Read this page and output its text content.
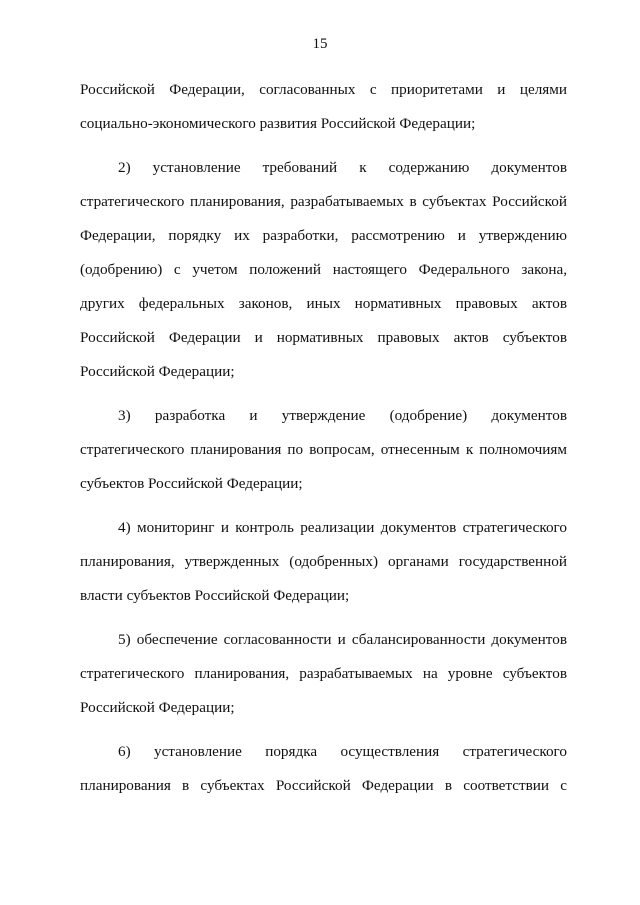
15

Российской Федерации, согласованных с приоритетами и целями социально-экономического развития Российской Федерации;

2) установление требований к содержанию документов стратегического планирования, разрабатываемых в субъектах Российской Федерации, порядку их разработки, рассмотрению и утверждению (одобрению) с учетом положений настоящего Федерального закона, других федеральных законов, иных нормативных правовых актов Российской Федерации и нормативных правовых актов субъектов Российской Федерации;

3) разработка и утверждение (одобрение) документов стратегического планирования по вопросам, отнесенным к полномочиям субъектов Российской Федерации;

4) мониторинг и контроль реализации документов стратегического планирования, утвержденных (одобренных) органами государственной власти субъектов Российской Федерации;

5) обеспечение согласованности и сбалансированности документов стратегического планирования, разрабатываемых на уровне субъектов Российской Федерации;

6) установление порядка осуществления стратегического планирования в субъектах Российской Федерации в соответствии с
